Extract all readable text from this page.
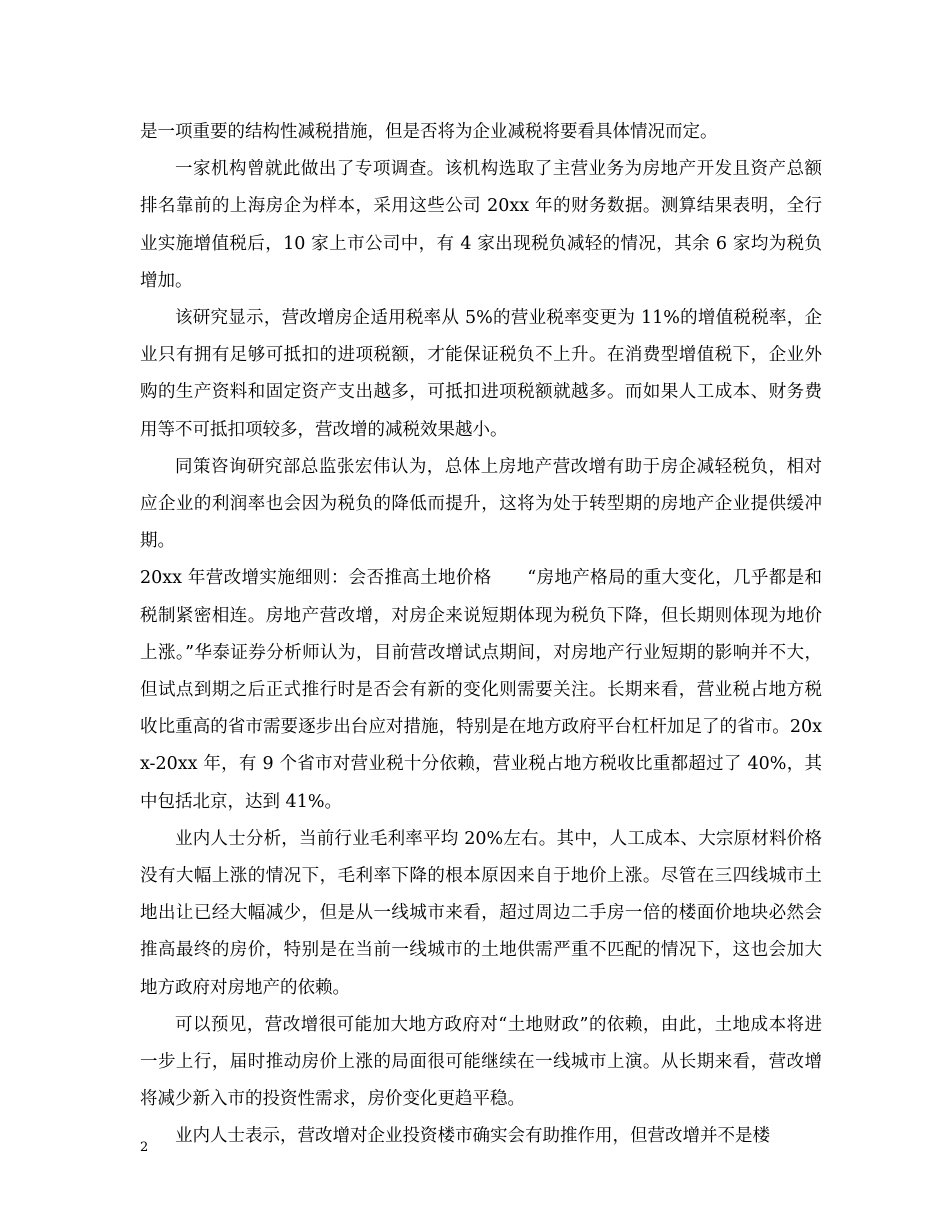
是一项重要的结构性减税措施，但是否将为企业减税将要看具体情况而定。

一家机构曾就此做出了专项调查。该机构选取了主营业务为房地产开发且资产总额排名靠前的上海房企为样本，采用这些公司 20xx 年的财务数据。测算结果表明，全行业实施增值税后，10 家上市公司中，有 4 家出现税负减轻的情况，其余 6 家均为税负增加。

该研究显示，营改增房企适用税率从 5%的营业税率变更为 11%的增值税税率，企业只有拥有足够可抵扣的进项税额，才能保证税负不上升。在消费型增值税下，企业外购的生产资料和固定资产支出越多，可抵扣进项税额就越多。而如果人工成本、财务费用等不可抵扣项较多，营改增的减税效果越小。

同策咨询研究部总监张宏伟认为，总体上房地产营改增有助于房企减轻税负，相对应企业的利润率也会因为税负的降低而提升，这将为处于转型期的房地产企业提供缓冲期。

20xx 年营改增实施细则：会否推高土地价格　　“房地产格局的重大变化，几乎都是和税制紧密相连。房地产营改增，对房企来说短期体现为税负下降，但长期则体现为地价上涨。”华泰证券分析师认为，目前营改增试点期间，对房地产行业短期的影响并不大，但试点到期之后正式推行时是否会有新的变化则需要关注。长期来看，营业税占地方税收比重高的省市需要逐步出台应对措施，特别是在地方政府平台杠杆加足了的省市。20xx-20xx 年，有 9 个省市对营业税十分依赖，营业税占地方税收比重都超过了 40%，其中包括北京，达到 41%。

业内人士分析，当前行业毛利率平均 20%左右。其中，人工成本、大宗原材料价格没有大幅上涨的情况下，毛利率下降的根本原因来自于地价上涨。尽管在三四线城市土地出让已经大幅减少，但是从一线城市来看，超过周边二手房一倍的楼面价地块必然会推高最终的房价，特别是在当前一线城市的土地供需严重不匹配的情况下，这也会加大地方政府对房地产的依赖。

可以预见，营改增很可能加大地方政府对“土地财政”的依赖，由此，土地成本将进一步上行，届时推动房价上涨的局面很可能继续在一线城市上演。从长期来看，营改增将减少新入市的投资性需求，房价变化更趋平稳。

业内人士表示，营改增对企业投资楼市确实会有助推作用，但营改增并不是楼

2
